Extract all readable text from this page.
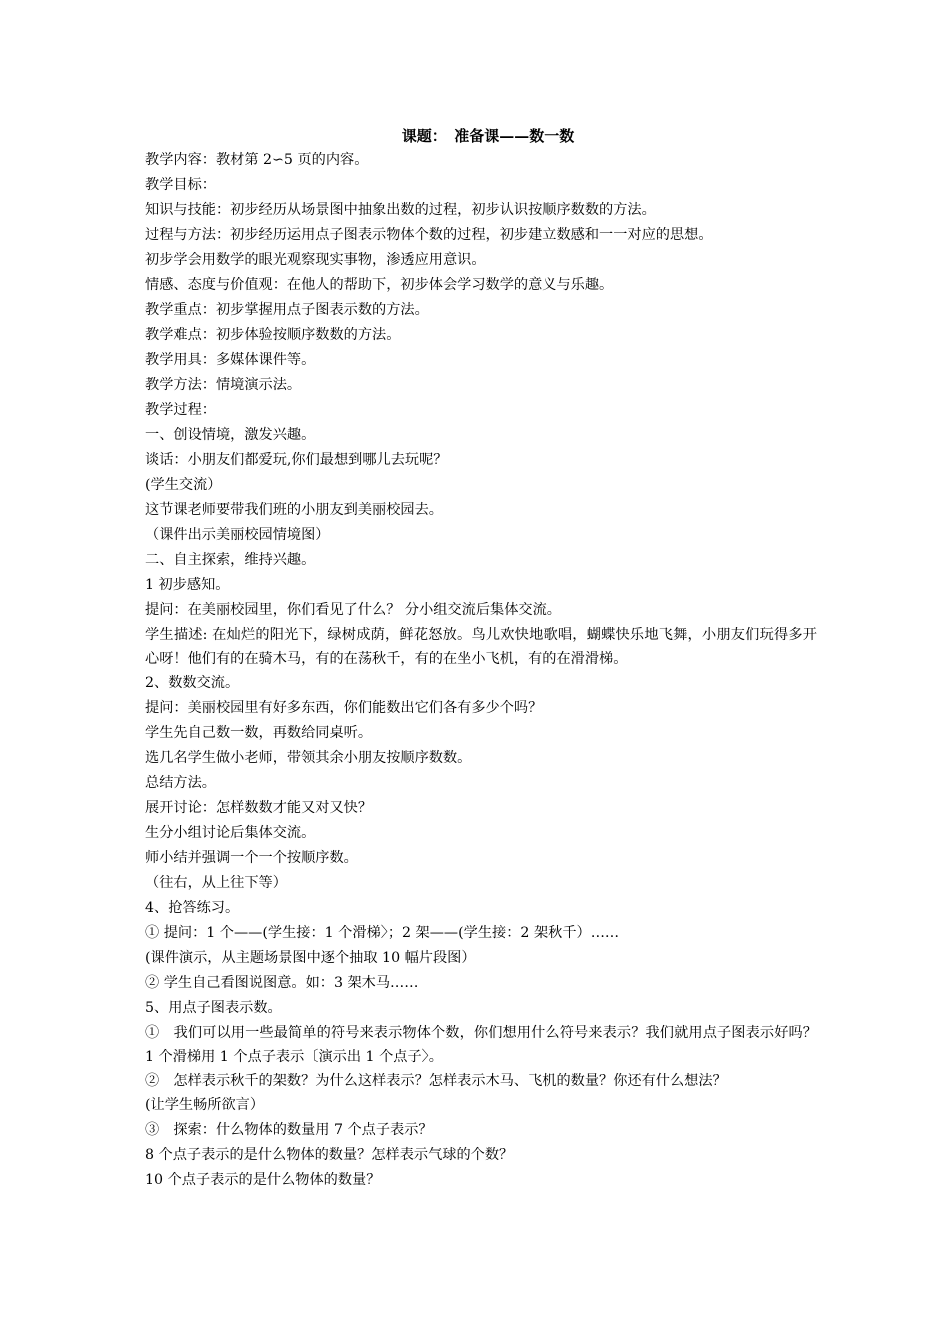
课题：　准备课——数一数
教学内容：教材第 2∽5 页的内容。
教学目标：
知识与技能：初步经历从场景图中抽象出数的过程，初步认识按顺序数数的方法。
过程与方法：初步经历运用点子图表示物体个数的过程，初步建立数感和一一对应的思想。
初步学会用数学的眼光观察现实事物，渗透应用意识。
情感、态度与价值观：在他人的帮助下，初步体会学习数学的意义与乐趣。
教学重点：初步掌握用点子图表示数的方法。
教学难点：初步体验按顺序数数的方法。
教学用具：多媒体课件等。
教学方法：情境演示法。
教学过程：
一、创设情境，激发兴趣。
谈话：小朋友们都爱玩,你们最想到哪儿去玩呢？
(学生交流）
这节课老师要带我们班的小朋友到美丽校园去。
（课件出示美丽校园情境图）
二、自主探索，维持兴趣。
1 初步感知。
提问：在美丽校园里，你们看见了什么？ 分小组交流后集体交流。
学生描述: 在灿烂的阳光下，绿树成荫，鲜花怒放。鸟儿欢快地歌唱，蝴蝶快乐地飞舞，小朋友们玩得多开心呀！他们有的在骑木马，有的在荡秋千，有的在坐小飞机，有的在滑滑梯。
2、数数交流。
提问：美丽校园里有好多东西，你们能数出它们各有多少个吗？
学生先自己数一数，再数给同桌听。
选几名学生做小老师，带领其余小朋友按顺序数数。
总结方法。
展开讨论：怎样数数才能又对又快？
生分小组讨论后集体交流。
师小结并强调一个一个按顺序数。
（往右，从上往下等）
4、抢答练习。
① 提问：1 个——(学生接：1 个滑梯〉；2 架——(学生接：2 架秋千）……
(课件演示，从主题场景图中逐个抽取 10 幅片段图）
② 学生自己看图说图意。如：3 架木马……
5、用点子图表示数。
①　我们可以用一些最简单的符号来表示物体个数，你们想用什么符号来表示？我们就用点子图表示好吗？ 1 个滑梯用 1 个点子表示〔演示出 1 个点子〉。
②　怎样表示秋千的架数？为什么这样表示？怎样表示木马、飞机的数量？你还有什么想法？
(让学生畅所欲言）
③　探索：什么物体的数量用 7 个点子表示？
8 个点子表示的是什么物体的数量？怎样表示气球的个数？
10 个点子表示的是什么物体的数量？
